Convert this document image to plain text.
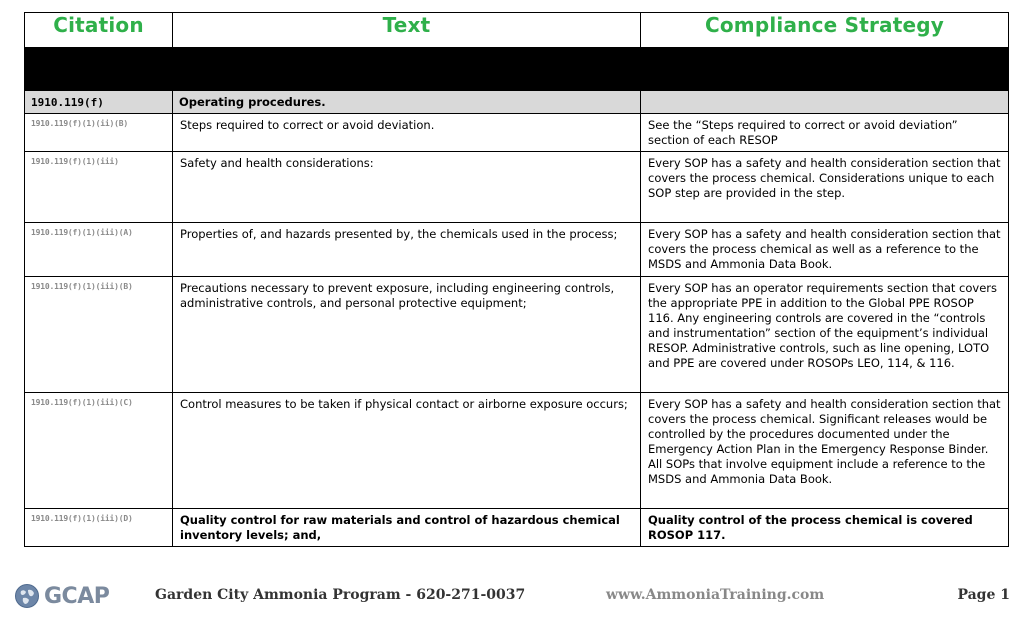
Citation	Text	Compliance Strategy

1910.119(f)	Operating procedures.	
1910.119(f)(1)(ii)(B)	Steps required to correct or avoid deviation.	See the “Steps required to correct or avoid deviation” section of each RESOP
1910.119(f)(1)(iii)	Safety and health considerations:	Every SOP has a safety and health consideration section that covers the process chemical. Considerations unique to each SOP step are provided in the step.
1910.119(f)(1)(iii)(A)	Properties of, and hazards presented by, the chemicals used in the process;	Every SOP has a safety and health consideration section that covers the process chemical as well as a reference to the MSDS and Ammonia Data Book.
1910.119(f)(1)(iii)(B)	Precautions necessary to prevent exposure, including engineering controls, administrative controls, and personal protective equipment;	Every SOP has an operator requirements section that covers the appropriate PPE in addition to the Global PPE ROSOP 116. Any engineering controls are covered in the “controls and instrumentation” section of the equipment’s individual RESOP. Administrative controls, such as line opening, LOTO and PPE are covered under ROSOPs LEO, 114, & 116.
1910.119(f)(1)(iii)(C)	Control measures to be taken if physical contact or airborne exposure occurs;	Every SOP has a safety and health consideration section that covers the process chemical. Significant releases would be controlled by the procedures documented under the Emergency Action Plan in the Emergency Response Binder. All SOPs that involve equipment include a reference to the MSDS and Ammonia Data Book.
1910.119(f)(1)(iii)(D)	Quality control for raw materials and control of hazardous chemical inventory levels; and,	Quality control of the process chemical is covered ROSOP 117.
GCAP	Garden City Ammonia Program - 620-271-0037	www.AmmoniaTraining.com	Page 1
